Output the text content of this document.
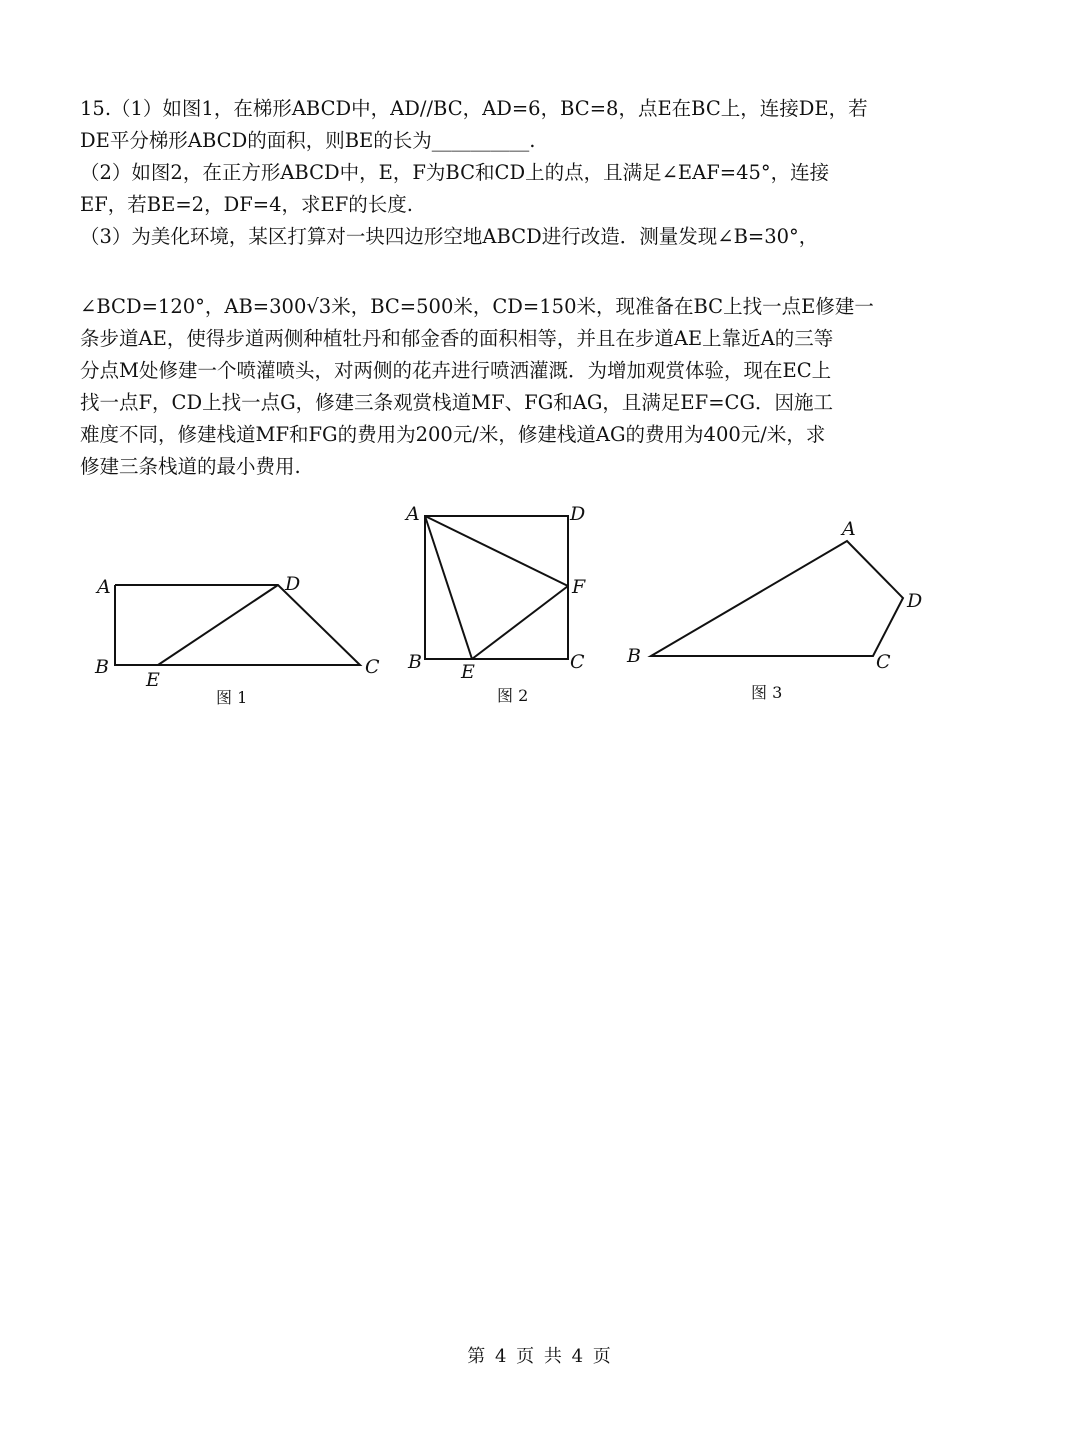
15.（1）如图1，在梯形ABCD中，AD//BC，AD=6，BC=8，点E在BC上，连接DE，若
DE平分梯形ABCD的面积，则BE的长为__________.
（2）如图2，在正方形ABCD中，E，F为BC和CD上的点，且满足∠EAF=45°，连接
EF，若BE=2，DF=4，求EF的长度.
（3）为美化环境，某区打算对一块四边形空地ABCD进行改造．测量发现∠B=30°，
∠BCD=120°，AB=300√3米，BC=500米，CD=150米，现准备在BC上找一点E修建一
条步道AE，使得步道两侧种植牡丹和郁金香的面积相等，并且在步道AE上靠近A的三等
分点M处修建一个喷灌喷头，对两侧的花卉进行喷洒灌溉．为增加观赏体验，现在EC上
找一点F，CD上找一点G，修建三条观赏栈道MF、FG和AG，且满足EF=CG．因施工
难度不同，修建栈道MF和FG的费用为200元/米，修建栈道AG的费用为400元/米，求
修建三条栈道的最小费用.
A	D
B
E
C
图 1
A	D
F
B E	C
图 2
A
D
B	C
图 3
第 4 页 共 4 页
